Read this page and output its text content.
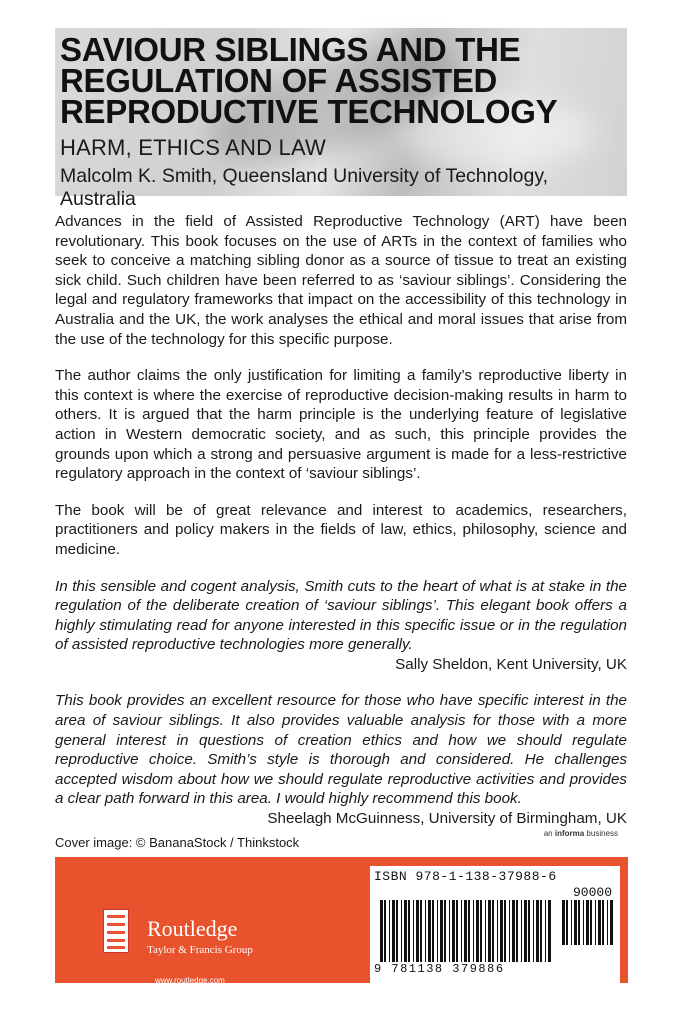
SAVIOUR SIBLINGS AND THE
REGULATION OF ASSISTED
REPRODUCTIVE TECHNOLOGY
HARM, ETHICS AND LAW
Malcolm K. Smith, Queensland University of Technology, Australia

Advances in the field of Assisted Reproductive Technology (ART) have been revolutionary. This book focuses on the use of ARTs in the context of families who seek to conceive a matching sibling donor as a source of tissue to treat an existing sick child. Such children have been referred to as ‘saviour siblings’. Considering the legal and regulatory frameworks that impact on the accessibility of this technology in Australia and the UK, the work analyses the ethical and moral issues that arise from the use of the technology for this specific purpose.

The author claims the only justification for limiting a family’s reproductive liberty in this context is where the exercise of reproductive decision-making results in harm to others. It is argued that the harm principle is the underlying feature of legislative action in Western democratic society, and as such, this principle provides the grounds upon which a strong and persuasive argument is made for a less-restrictive regulatory approach in the context of ‘saviour siblings’.

The book will be of great relevance and interest to academics, researchers, practitioners and policy makers in the fields of law, ethics, philosophy, science and medicine.

In this sensible and cogent analysis, Smith cuts to the heart of what is at stake in the regulation of the deliberate creation of ‘saviour siblings’. This elegant book offers a highly stimulating read for anyone interested in this specific issue or in the regulation of assisted reproductive technologies more generally.
Sally Sheldon, Kent University, UK
This book provides an excellent resource for those who have specific interest in the area of saviour siblings. It also provides valuable analysis for those with a more general interest in questions of creation ethics and how we should regulate reproductive choice. Smith’s style is thorough and considered. He challenges accepted wisdom about how we should regulate reproductive activities and provides a clear path forward in this area. I would highly recommend this book.
Sheelagh McGuinness, University of Birmingham, UK
Cover image: © BananaStock / Thinkstock
an informa business
Routledge
Taylor & Francis Group
www.routledge.com
ISBN 978-1-138-37988-6
90000
9 781138 379886
